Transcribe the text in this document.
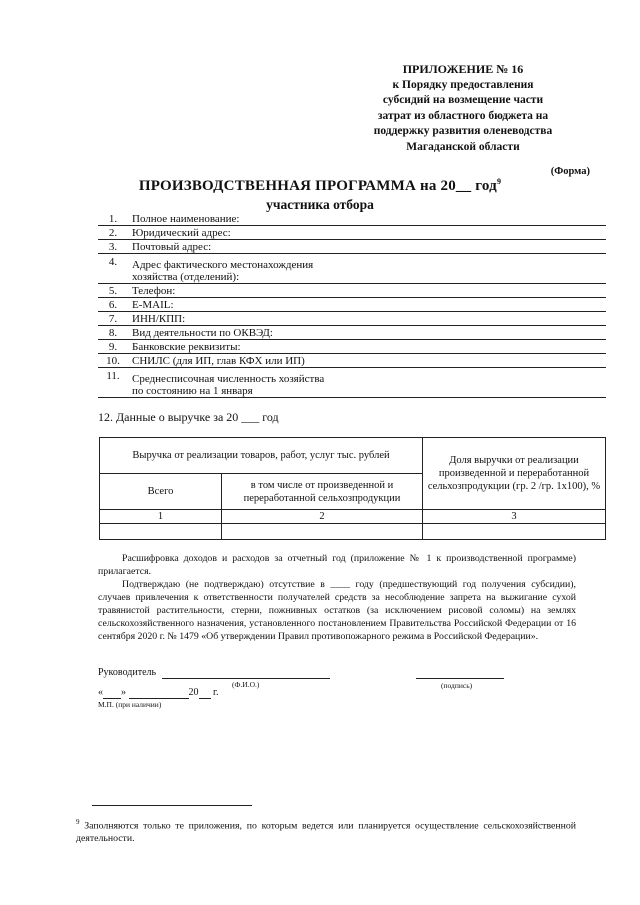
ПРИЛОЖЕНИЕ № 16
к Порядку предоставления
субсидий на возмещение части
затрат из областного бюджета на
поддержку развития оленеводства
Магаданской области
(Форма)
ПРОИЗВОДСТВЕННАЯ ПРОГРАММА на 20__ год$^9$
участника отбора
1.	Полное наименование:
2.	Юридический адрес:
3.	Почтовый адрес:
4.	Адрес фактического местонахождения
хозяйства (отделений):

5.	Телефон:
6.	E-MAIL:
7.	ИНН/КПП:
8.	Вид деятельности по ОКВЭД:
9.	Банковские реквизиты:
10.	СНИЛС (для ИП, глав КФХ или ИП)
11.	Среднесписочная численность хозяйства
по состоянию на 1 января
12. Данные о выручке за 20 ___ год
Выручка от реализации товаров, работ, услуг тыс. рублей		Доля выручки от реализации произведенной и переработанной сельхозпродукции (гр. 2 /гр. 1х100), %
Всего	в том числе от произведенной и переработанной сельхозпродукции	
1	2	3

Расшифровка доходов и расходов за отчетный год (приложение № 1 к производственной программе) прилагается.
Подтверждаю (не подтверждаю) отсутствие в ____ году (предшествующий год получения субсидии), случаев привлечения к ответственности получателей средств за несоблюдение запрета на выжигание сухой травянистой растительности, стерни, пожнивных остатков (за исключением рисовой соломы) на землях сельскохозяйственного назначения, установленного постановлением Правительства Российской Федерации от 16 сентября 2020 г. № 1479 «Об утверждении Правил противопожарного режима в Российской Федерации».
Руководитель
(Ф.И.О.)	(подпись)
« »	20 г.
М.П. (при наличии)
$^9$ Заполняются только те приложения, по которым ведется или планируется осуществление сельскохозяйственной деятельности.
